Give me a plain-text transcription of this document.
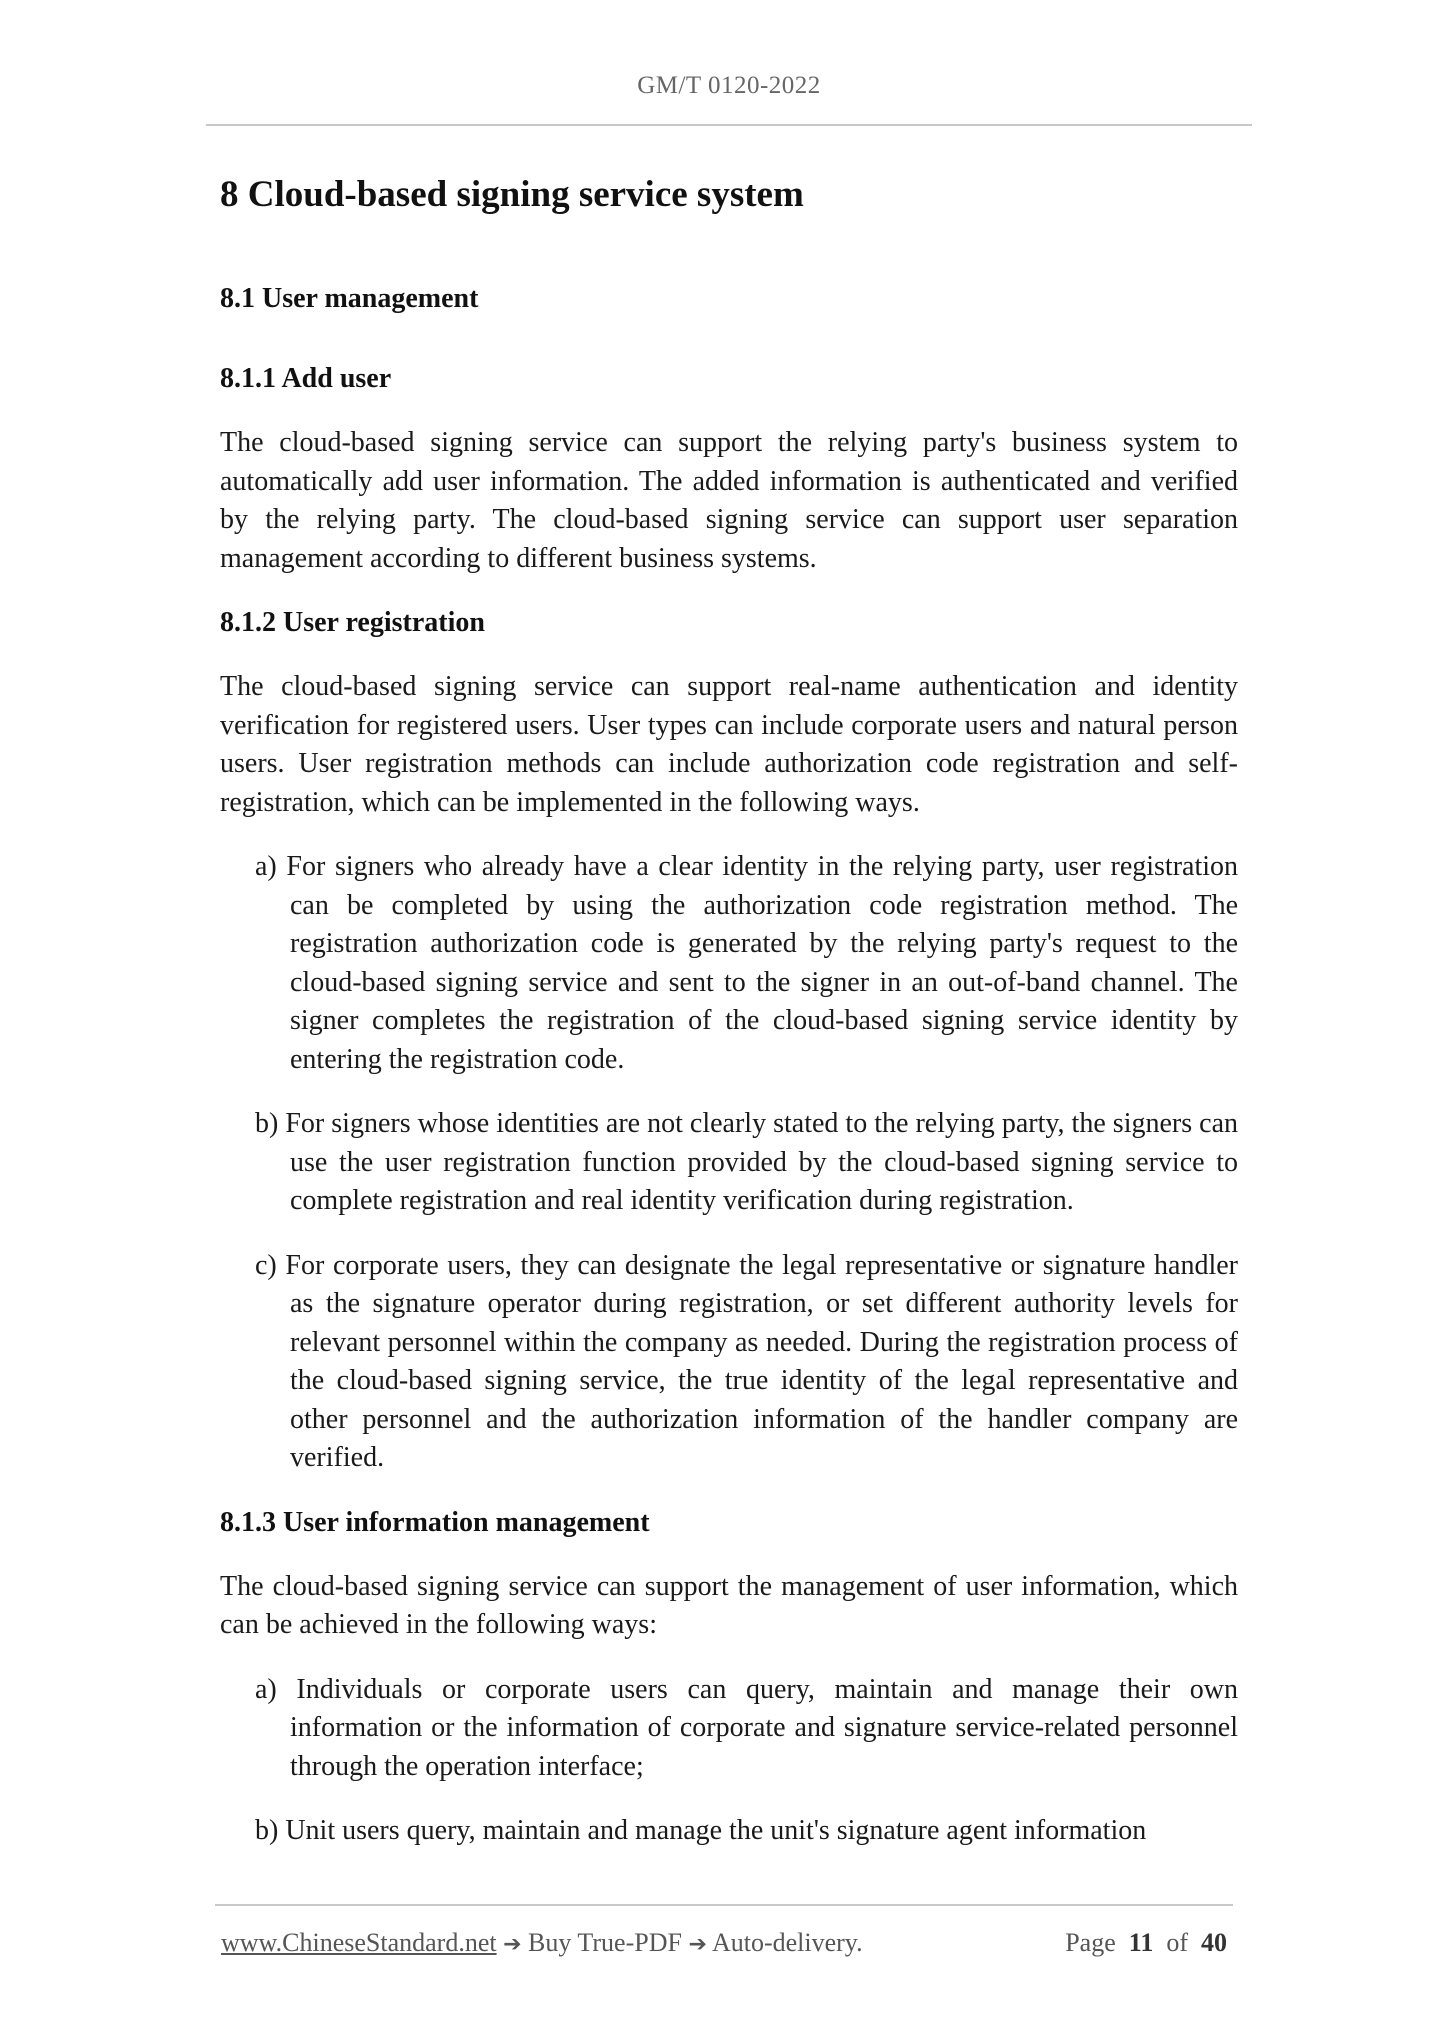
GM/T 0120-2022
8 Cloud-based signing service system
8.1 User management
8.1.1 Add user
The cloud-based signing service can support the relying party's business system to automatically add user information. The added information is authenticated and verified by the relying party. The cloud-based signing service can support user separation management according to different business systems.
8.1.2 User registration
The cloud-based signing service can support real-name authentication and identity verification for registered users. User types can include corporate users and natural person users. User registration methods can include authorization code registration and self-registration, which can be implemented in the following ways.
a) For signers who already have a clear identity in the relying party, user registration can be completed by using the authorization code registration method. The registration authorization code is generated by the relying party's request to the cloud-based signing service and sent to the signer in an out-of-band channel. The signer completes the registration of the cloud-based signing service identity by entering the registration code.
b) For signers whose identities are not clearly stated to the relying party, the signers can use the user registration function provided by the cloud-based signing service to complete registration and real identity verification during registration.
c) For corporate users, they can designate the legal representative or signature handler as the signature operator during registration, or set different authority levels for relevant personnel within the company as needed. During the registration process of the cloud-based signing service, the true identity of the legal representative and other personnel and the authorization information of the handler company are verified.
8.1.3 User information management
The cloud-based signing service can support the management of user information, which can be achieved in the following ways:
a) Individuals or corporate users can query, maintain and manage their own information or the information of corporate and signature service-related personnel through the operation interface;
b) Unit users query, maintain and manage the unit's signature agent information
www.ChineseStandard.net ➔ Buy True-PDF ➔ Auto-delivery.	Page 11 of 40
